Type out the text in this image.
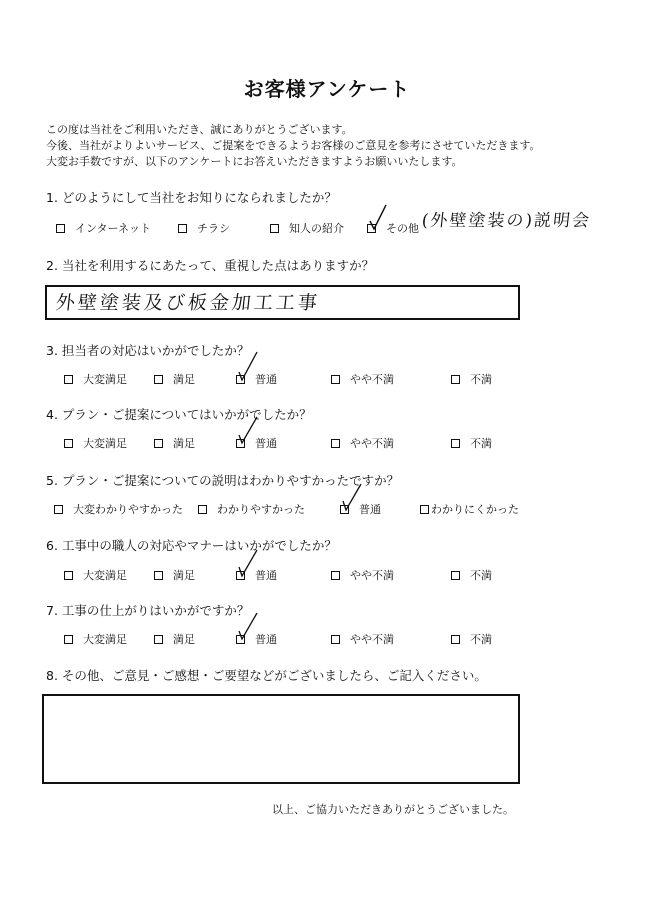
お客様アンケート
この度は当社をご利用いただき、誠にありがとうございます。
今後、当社がよりよいサービス、ご提案をできるようお客様のご意見を参考にさせていただきます。
大変お手数ですが、以下のアンケートにお答えいただきますようお願いいたします。
1. どのようにして当社をお知りになられましたか？
インターネット	チラシ	知人の紹介	その他 (外壁塗装の)説明会
2. 当社を利用するにあたって、重視した点はありますか？
外壁塗装及び板金加工工事
3. 担当者の対応はいかがでしたか？
大変満足	満足	普通	やや不満	不満
4. プラン・ご提案についてはいかがでしたか？
大変満足	満足	普通	やや不満	不満
5. プラン・ご提案についての説明はわかりやすかったですか？
大変わかりやすかった	わかりやすかった	普通	わかりにくかった
6. 工事中の職人の対応やマナーはいかがでしたか？
大変満足	満足	普通	やや不満	不満
7. 工事の仕上がりはいかがですか？
大変満足	満足	普通	やや不満	不満
8. その他、ご意見・ご感想・ご要望などがございましたら、ご記入ください。
以上、ご協力いただきありがとうございました。
